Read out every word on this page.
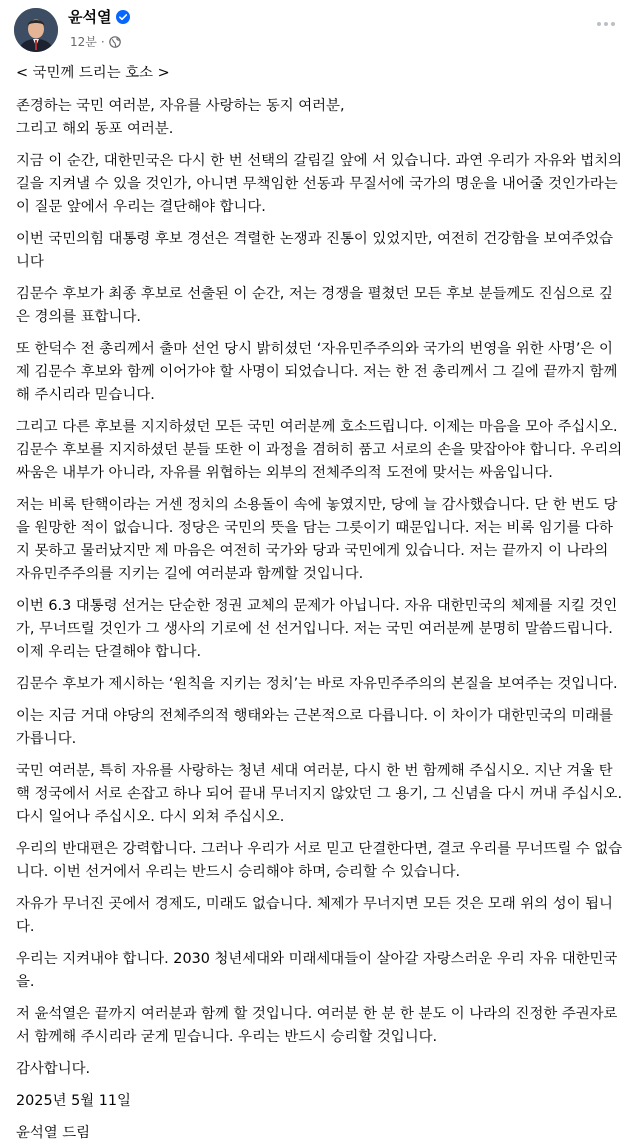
윤석열
12분 ·

< 국민께 드리는 호소 >

존경하는 국민 여러분, 자유를 사랑하는 동지 여러분,
그리고 해외 동포 여러분.

지금 이 순간, 대한민국은 다시 한 번 선택의 갈림길 앞에 서 있습니다. 과연 우리가 자유와 법치의 길을 지켜낼 수 있을 것인가, 아니면 무책임한 선동과 무질서에 국가의 명운을 내어줄 것인가라는 이 질문 앞에서 우리는 결단해야 합니다.

이번 국민의힘 대통령 후보 경선은 격렬한 논쟁과 진통이 있었지만, 여전히 건강함을 보여주었습니다

김문수 후보가 최종 후보로 선출된 이 순간, 저는 경쟁을 펼쳤던 모든 후보 분들께도 진심으로 깊은 경의를 표합니다.

또 한덕수 전 총리께서 출마 선언 당시 밝히셨던 ‘자유민주주의와 국가의 번영을 위한 사명’은 이제 김문수 후보와 함께 이어가야 할 사명이 되었습니다. 저는 한 전 총리께서 그 길에 끝까지 함께해 주시리라 믿습니다.

그리고 다른 후보를 지지하셨던 모든 국민 여러분께 호소드립니다. 이제는 마음을 모아 주십시오. 김문수 후보를 지지하셨던 분들 또한 이 과정을 겸허히 품고 서로의 손을 맞잡아야 합니다. 우리의 싸움은 내부가 아니라, 자유를 위협하는 외부의 전체주의적 도전에 맞서는 싸움입니다.

저는 비록 탄핵이라는 거센 정치의 소용돌이 속에 놓였지만, 당에 늘 감사했습니다. 단 한 번도 당을 원망한 적이 없습니다. 정당은 국민의 뜻을 담는 그릇이기 때문입니다. 저는 비록 임기를 다하지 못하고 물러났지만 제 마음은 여전히 국가와 당과 국민에게 있습니다. 저는 끝까지 이 나라의 자유민주주의를 지키는 길에 여러분과 함께할 것입니다.

이번 6.3 대통령 선거는 단순한 정권 교체의 문제가 아닙니다. 자유 대한민국의 체제를 지킬 것인가, 무너뜨릴 것인가 그 생사의 기로에 선 선거입니다. 저는 국민 여러분께 분명히 말씀드립니다. 이제 우리는 단결해야 합니다.

김문수 후보가 제시하는 ‘원칙을 지키는 정치’는 바로 자유민주주의의 본질을 보여주는 것입니다.

이는 지금 거대 야당의 전체주의적 행태와는 근본적으로 다릅니다. 이 차이가 대한민국의 미래를 가릅니다.

국민 여러분, 특히 자유를 사랑하는 청년 세대 여러분, 다시 한 번 함께해 주십시오. 지난 겨울 탄핵 정국에서 서로 손잡고 하나 되어 끝내 무너지지 않았던 그 용기, 그 신념을 다시 꺼내 주십시오. 다시 일어나 주십시오. 다시 외쳐 주십시오.

우리의 반대편은 강력합니다. 그러나 우리가 서로 믿고 단결한다면, 결코 우리를 무너뜨릴 수 없습니다. 이번 선거에서 우리는 반드시 승리해야 하며, 승리할 수 있습니다.

자유가 무너진 곳에서 경제도, 미래도 없습니다. 체제가 무너지면 모든 것은 모래 위의 성이 됩니다.

우리는 지켜내야 합니다. 2030 청년세대와 미래세대들이 살아갈 자랑스러운 우리 자유 대한민국을.

저 윤석열은 끝까지 여러분과 함께 할 것입니다. 여러분 한 분 한 분도 이 나라의 진정한 주권자로서 함께해 주시리라 굳게 믿습니다. 우리는 반드시 승리할 것입니다.

감사합니다.

2025년 5월 11일

윤석열 드림
